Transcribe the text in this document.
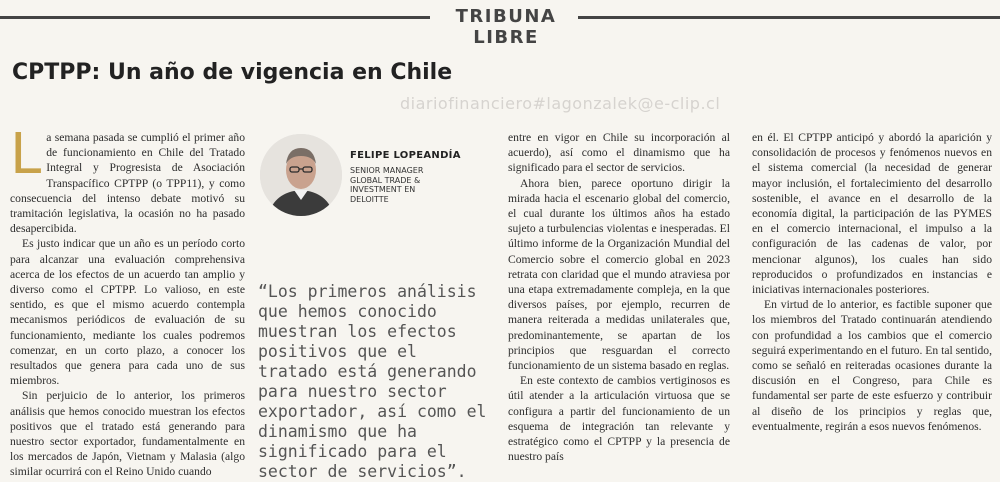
TRIBUNA LIBRE
CPTPP: Un año de vigencia en Chile
diariofinanciero#lagonzalek@e-clip.cl

La semana pasada se cumplió el primer año de funcionamiento en Chile del Tratado Integral y Progresista de Asociación Transpacífico CPTPP (o TPP11), y como consecuencia del intenso debate motivó su tramitación legislativa, la ocasión no ha pasado desapercibida.

Es justo indicar que un año es un período corto para alcanzar una evaluación comprehensiva acerca de los efectos de un acuerdo tan amplio y diverso como el CPTPP. Lo valioso, en este sentido, es que el mismo acuerdo contempla mecanismos periódicos de evaluación de su funcionamiento, mediante los cuales podremos comenzar, en un corto plazo, a conocer los resultados que genera para cada uno de sus miembros.

Sin perjuicio de lo anterior, los primeros análisis que hemos conocido muestran los efectos positivos que el tratado está generando para nuestro sector exportador, fundamentalmente en los mercados de Japón, Vietnam y Malasia (algo similar ocurrirá con el Reino Unido cuando

FELIPE LOPEANDÍA
SENIOR MANAGER GLOBAL TRADE & INVESTMENT EN DELOITTE
“Los primeros análisis que hemos conocido muestran los efectos positivos que el tratado está generando para nuestro sector exportador, así como el dinamismo que ha significado para el sector de servicios”.

entre en vigor en Chile su incorporación al acuerdo), así como el dinamismo que ha significado para el sector de servicios.

Ahora bien, parece oportuno dirigir la mirada hacia el escenario global del comercio, el cual durante los últimos años ha estado sujeto a turbulencias violentas e inesperadas. El último informe de la Organización Mundial del Comercio sobre el comercio global en 2023 retrata con claridad que el mundo atraviesa por una etapa extremadamente compleja, en la que diversos países, por ejemplo, recurren de manera reiterada a medidas unilaterales que, predominantemente, se apartan de los principios que resguardan el correcto funcionamiento de un sistema basado en reglas.

En este contexto de cambios vertiginosos es útil atender a la articulación virtuosa que se configura a partir del funcionamiento de un esquema de integración tan relevante y estratégico como el CPTPP y la presencia de nuestro país

en él. El CPTPP anticipó y abordó la aparición y consolidación de procesos y fenómenos nuevos en el sistema comercial (la necesidad de generar mayor inclusión, el fortalecimiento del desarrollo sostenible, el avance en el desarrollo de la economía digital, la participación de las PYMES en el comercio internacional, el impulso a la configuración de las cadenas de valor, por mencionar algunos), los cuales han sido reproducidos o profundizados en instancias e iniciativas internacionales posteriores.

En virtud de lo anterior, es factible suponer que los miembros del Tratado continuarán atendiendo con profundidad a los cambios que el comercio seguirá experimentando en el futuro. En tal sentido, como se señaló en reiteradas ocasiones durante la discusión en el Congreso, para Chile es fundamental ser parte de este esfuerzo y contribuir al diseño de los principios y reglas que, eventualmente, regirán a esos nuevos fenómenos.
